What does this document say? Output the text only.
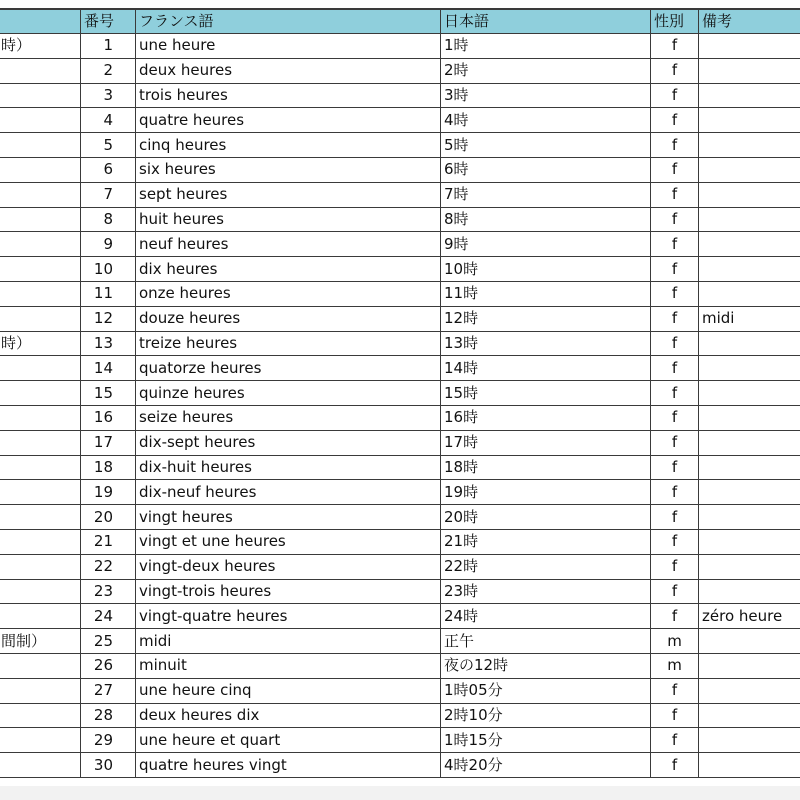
	番号	フランス語	日本語	性別	備考
時）	1	une heure	1時	f	
	2	deux heures	2時	f	
	3	trois heures	3時	f	
	4	quatre heures	4時	f	
	5	cinq heures	5時	f	
	6	six heures	6時	f	
	7	sept heures	7時	f	
	8	huit heures	8時	f	
	9	neuf heures	9時	f	
	10	dix heures	10時	f	
	11	onze heures	11時	f	
	12	douze heures	12時	f	midi
時）	13	treize heures	13時	f	
	14	quatorze heures	14時	f	
	15	quinze heures	15時	f	
	16	seize heures	16時	f	
	17	dix-sept heures	17時	f	
	18	dix-huit heures	18時	f	
	19	dix-neuf heures	19時	f	
	20	vingt heures	20時	f	
	21	vingt et une heures	21時	f	
	22	vingt-deux heures	22時	f	
	23	vingt-trois heures	23時	f	
	24	vingt-quatre heures	24時	f	zéro heure
間制）	25	midi	正午	m	
	26	minuit	夜の12時	m	
	27	une heure cinq	1時05分	f	
	28	deux heures dix	2時10分	f	
	29	une heure et quart	1時15分	f	
	30	quatre heures vingt	4時20分	f	
